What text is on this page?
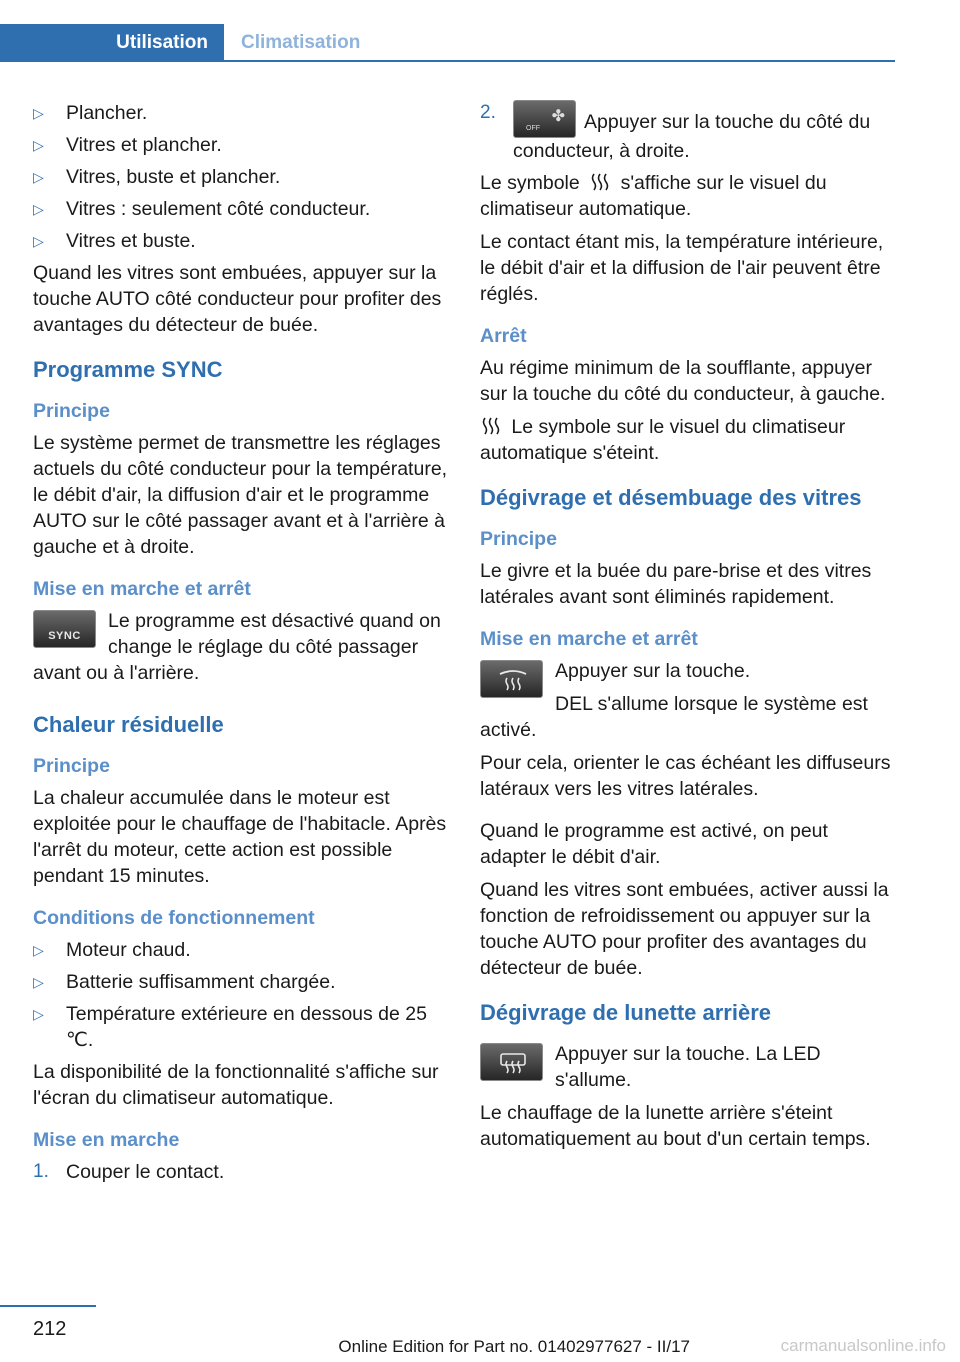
Utilisation	Climatisation
▷ Plancher.
▷ Vitres et plancher.
▷ Vitres, buste et plancher.
▷ Vitres : seulement côté conducteur.
▷ Vitres et buste.

Quand les vitres sont embuées, appuyer sur la touche AUTO côté conducteur pour profiter des avantages du détecteur de buée.

Programme SYNC
Principe

Le système permet de transmettre les réglages actuels du côté conducteur pour la température, le débit d'air, la diffusion d'air et le programme AUTO sur le côté passager avant et à l'arrière à gauche et à droite.

Mise en marche et arrêt
SYNC

Le programme est désactivé quand on change le réglage du côté passager avant ou à l'arrière.

Chaleur résiduelle
Principe

La chaleur accumulée dans le moteur est exploitée pour le chauffage de l'habitacle. Après l'arrêt du moteur, cette action est possible pendant 15 minutes.

Conditions de fonctionnement
▷ Moteur chaud.
▷ Batterie suffisamment chargée.
▷ Température extérieure en dessous de 25 ℃.

La disponibilité de la fonctionnalité s'affiche sur l'écran du climatiseur automatique.

Mise en marche
1. Couper le contact.
2.
OFF
✤ Appuyer sur la touche du côté du conducteur, à droite.

Le symbole s'affiche sur le visuel du climatiseur automatique.

Le contact étant mis, la température intérieure, le débit d'air et la diffusion de l'air peuvent être réglés.

Arrêt

Au régime minimum de la soufflante, appuyer sur la touche du côté du conducteur, à gauche.

Le symbole sur le visuel du climatiseur automatique s'éteint.

Dégivrage et désembuage des vitres
Principe

Le givre et la buée du pare-brise et des vitres latérales avant sont éliminés rapidement.

Mise en marche et arrêt

Appuyer sur la touche.

DEL s'allume lorsque le système est activé.

Pour cela, orienter le cas échéant les diffuseurs latéraux vers les vitres latérales.

Quand le programme est activé, on peut adapter le débit d'air.

Quand les vitres sont embuées, activer aussi la fonction de refroidissement ou appuyer sur la touche AUTO pour profiter des avantages du détecteur de buée.

Dégivrage de lunette arrière

Appuyer sur la touche. La LED s'allume.

Le chauffage de la lunette arrière s'éteint automatiquement au bout d'un certain temps.

212
Online Edition for Part no. 01402977627 - II/17	carmanualsonline.info
